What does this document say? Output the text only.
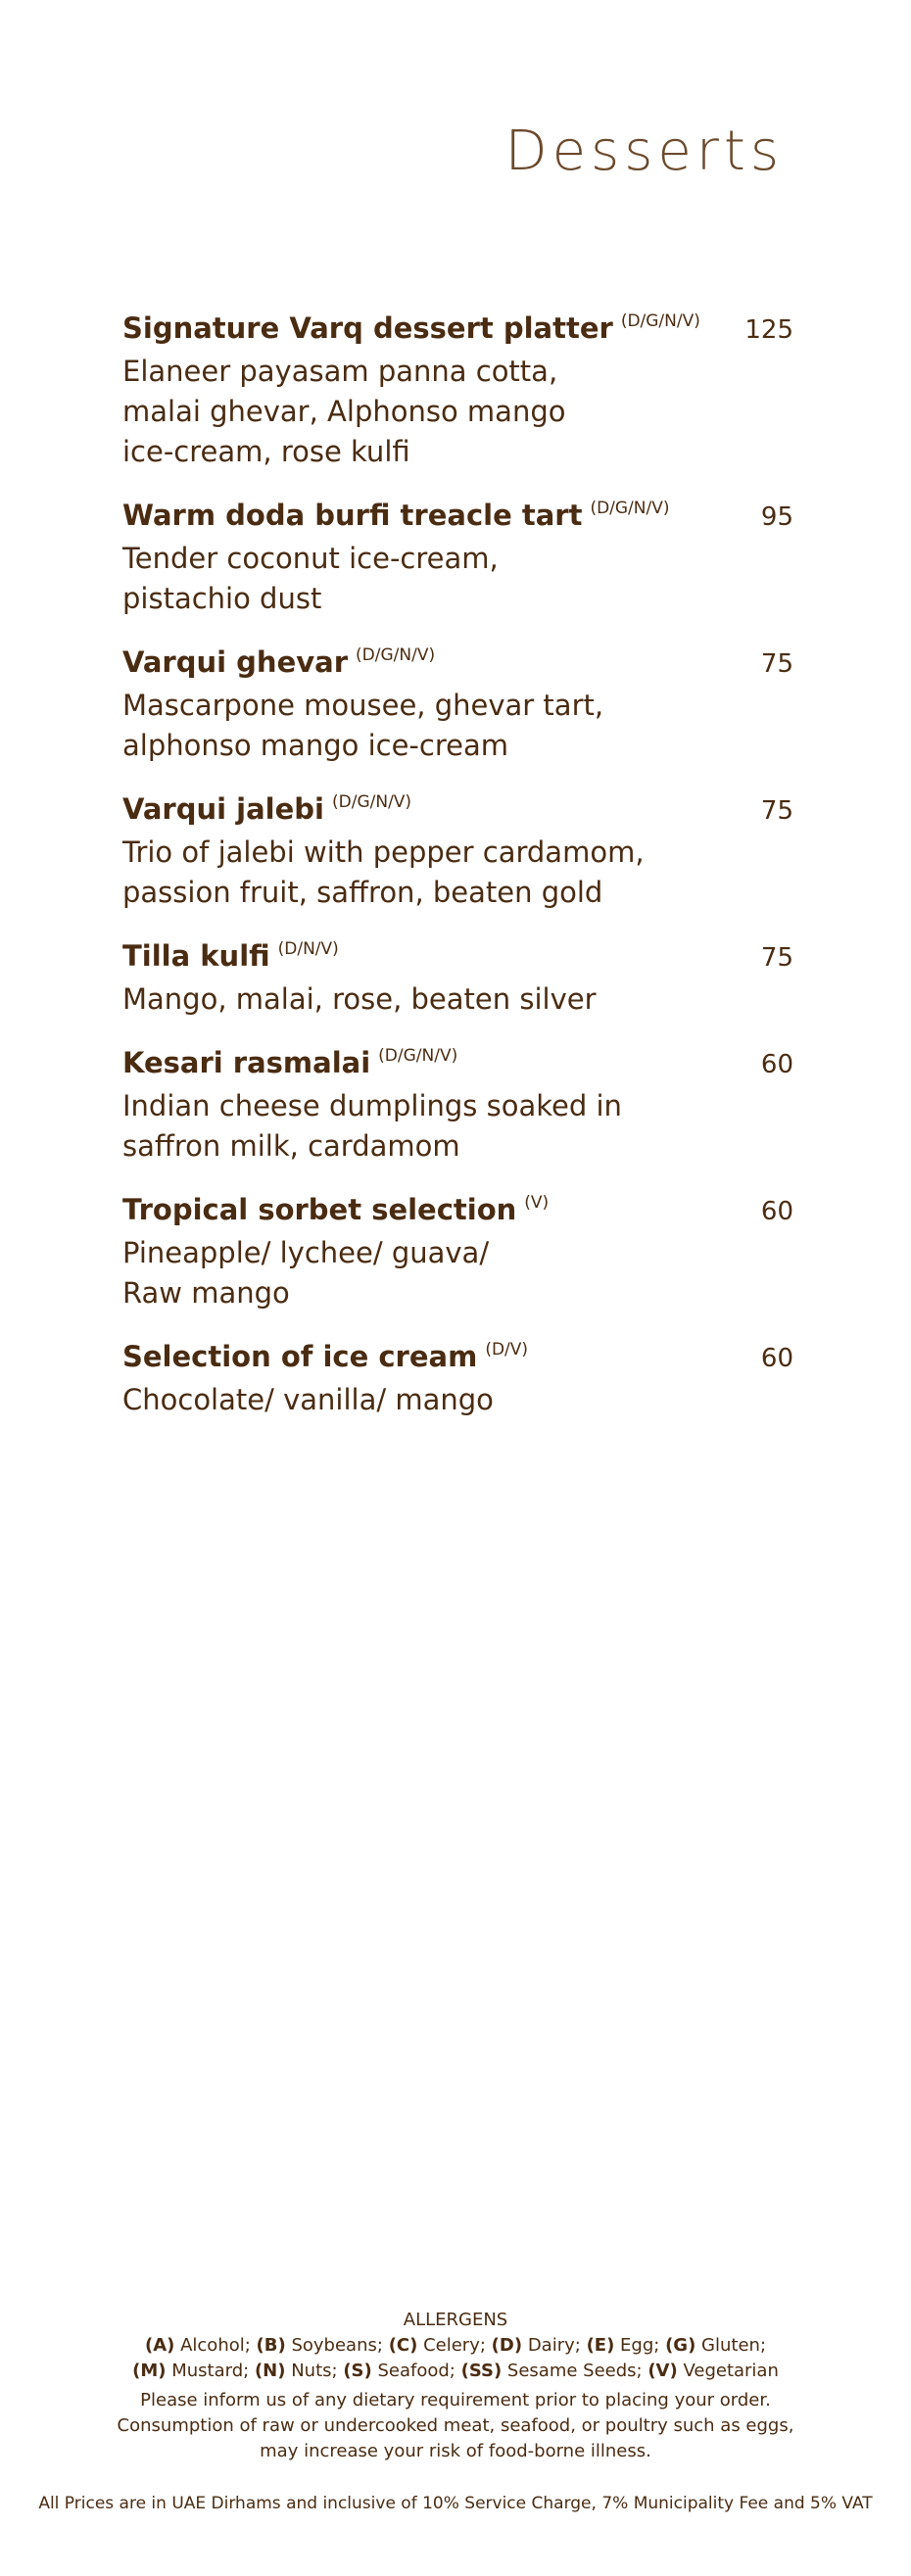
Desserts
Signature Varq dessert platter (D/G/N/V) 125
Elaneer payasam panna cotta,
malai ghevar, Alphonso mango
ice-cream, rose kulfi
Warm doda burfi treacle tart (D/G/N/V)	95
Tender coconut ice-cream,
pistachio dust
Varqui ghevar (D/G/N/V)	75
Mascarpone mousee, ghevar tart,
alphonso mango ice-cream
Varqui jalebi (D/G/N/V)	75
Trio of jalebi with pepper cardamom,
passion fruit, saffron, beaten gold
Tilla kulfi (D/N/V)	75
Mango, malai, rose, beaten silver
Kesari rasmalai (D/G/N/V)	60
Indian cheese dumplings soaked in
saffron milk, cardamom
Tropical sorbet selection (V)	60
Pineapple/ lychee/ guava/
Raw mango
Selection of ice cream (D/V)	60
Chocolate/ vanilla/ mango
ALLERGENS
(A) Alcohol; (B) Soybeans; (C) Celery; (D) Dairy; (E) Egg; (G) Gluten;
(M) Mustard; (N) Nuts; (S) Seafood; (SS) Sesame Seeds; (V) Vegetarian
Please inform us of any dietary requirement prior to placing your order.
Consumption of raw or undercooked meat, seafood, or poultry such as eggs,
may increase your risk of food-borne illness.
All Prices are in UAE Dirhams and inclusive of 10% Service Charge, 7% Municipality Fee and 5% VAT
